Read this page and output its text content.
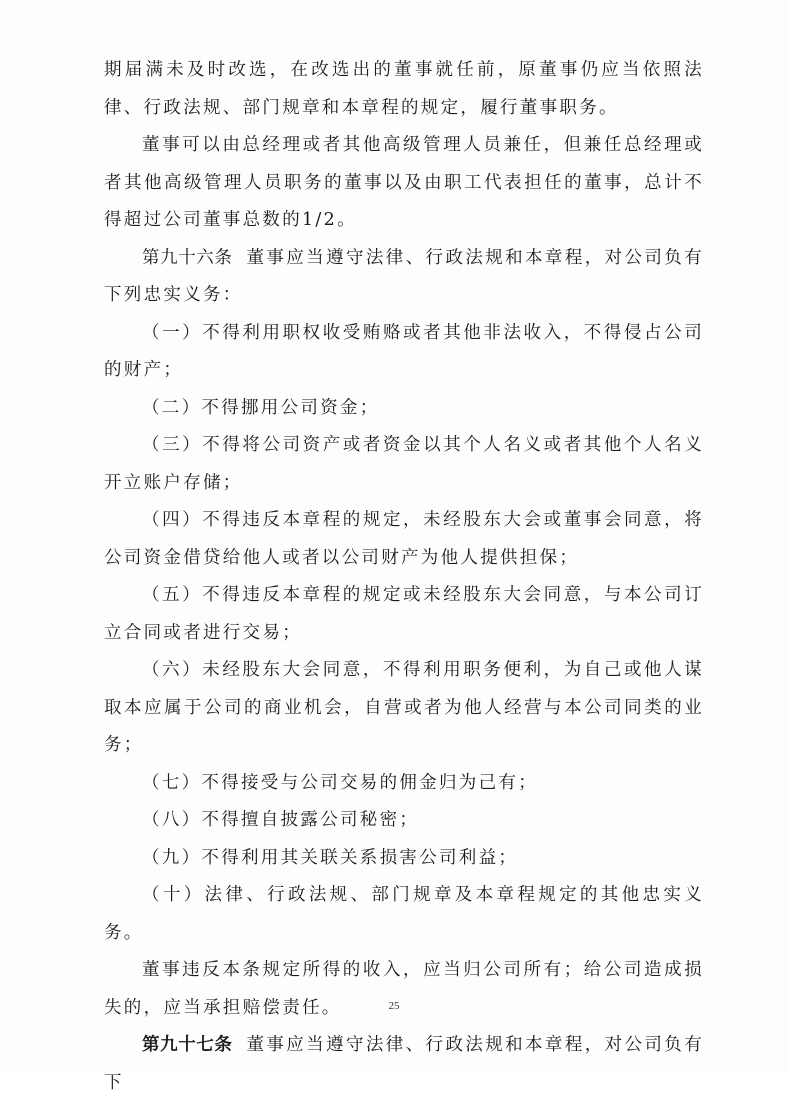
期届满未及时改选，在改选出的董事就任前，原董事仍应当依照法律、行政法规、部门规章和本章程的规定，履行董事职务。

董事可以由总经理或者其他高级管理人员兼任，但兼任总经理或者其他高级管理人员职务的董事以及由职工代表担任的董事，总计不得超过公司董事总数的1/2。

第九十六条 董事应当遵守法律、行政法规和本章程，对公司负有下列忠实义务：

（一）不得利用职权收受贿赂或者其他非法收入，不得侵占公司的财产；

（二）不得挪用公司资金；

（三）不得将公司资产或者资金以其个人名义或者其他个人名义开立账户存储；

（四）不得违反本章程的规定，未经股东大会或董事会同意，将公司资金借贷给他人或者以公司财产为他人提供担保；

（五）不得违反本章程的规定或未经股东大会同意，与本公司订立合同或者进行交易；

（六）未经股东大会同意，不得利用职务便利，为自己或他人谋取本应属于公司的商业机会，自营或者为他人经营与本公司同类的业务；

（七）不得接受与公司交易的佣金归为己有；

（八）不得擅自披露公司秘密；

（九）不得利用其关联关系损害公司利益；

（十）法律、行政法规、部门规章及本章程规定的其他忠实义务。

董事违反本条规定所得的收入，应当归公司所有；给公司造成损失的，应当承担赔偿责任。

第九十七条 董事应当遵守法律、行政法规和本章程，对公司负有下

25
